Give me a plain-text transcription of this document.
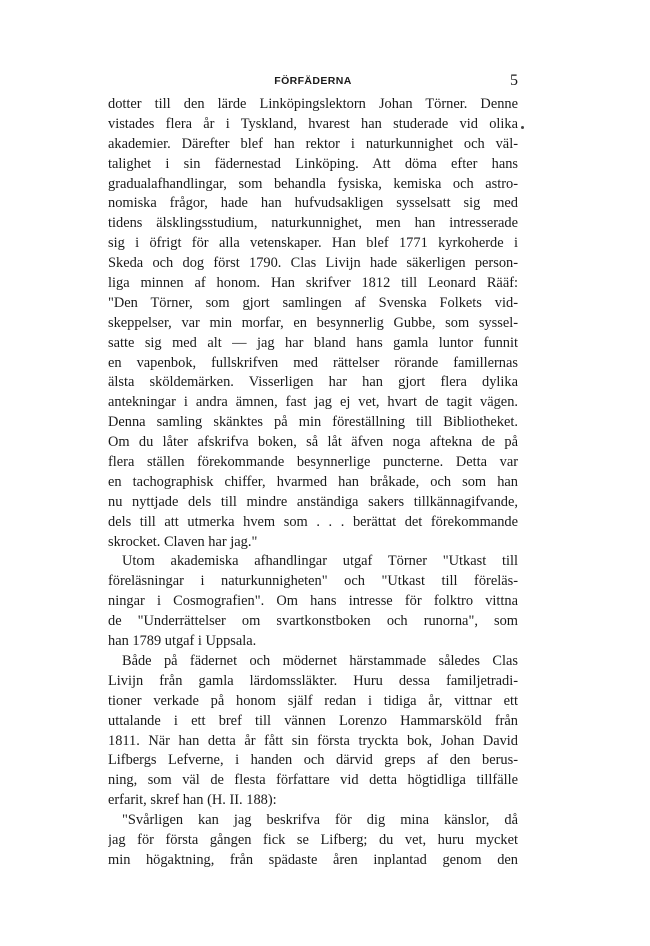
FÖRFÄDERNA	5
dotter till den lärde Linköpingslektorn Johan Törner. Denne
vistades flera år i Tyskland, hvarest han studerade vid olika
akademier. Därefter blef han rektor i naturkunnighet och väl-
talighet i sin fädernestad Linköping. Att döma efter hans
gradualafhandlingar, som behandla fysiska, kemiska och astro-
nomiska frågor, hade han hufvudsakligen sysselsatt sig med
tidens älsklingsstudium, naturkunnighet, men han intresserade
sig i öfrigt för alla vetenskaper. Han blef 1771 kyrkoherde i
Skeda och dog först 1790. Clas Livijn hade säkerligen person-
liga minnen af honom. Han skrifver 1812 till Leonard Rääf:
"Den Törner, som gjort samlingen af Svenska Folkets vid-
skeppelser, var min morfar, en besynnerlig Gubbe, som syssel-
satte sig med alt — jag har bland hans gamla luntor funnit
en vapenbok, fullskrifven med rättelser rörande famillernas
älsta sköldemärken. Visserligen har han gjort flera dylika
antekningar i andra ämnen, fast jag ej vet, hvart de tagit vägen.
Denna samling skänktes på min föreställning till Bibliotheket.
Om du låter afskrifva boken, så låt äfven noga aftekna de på
flera ställen förekommande besynnerlige puncterne. Detta var
en tachographisk chiffer, hvarmed han bråkade, och som han
nu nyttjade dels till mindre anständiga sakers tillkännagifvande,
dels till att utmerka hvem som . . . berättat det förekommande
skrocket. Claven har jag."
Utom akademiska afhandlingar utgaf Törner "Utkast till
föreläsningar i naturkunnigheten" och "Utkast till föreläs-
ningar i Cosmografien". Om hans intresse för folktro vittna
de "Underrättelser om svartkonstboken och runorna", som
han 1789 utgaf i Uppsala.
Både på fädernet och mödernet härstammade således Clas
Livijn från gamla lärdomssläkter. Huru dessa familjetradi-
tioner verkade på honom själf redan i tidiga år, vittnar ett
uttalande i ett bref till vännen Lorenzo Hammarsköld från
1811. När han detta år fått sin första tryckta bok, Johan David
Lifbergs Lefverne, i handen och därvid greps af den berus-
ning, som väl de flesta författare vid detta högtidliga tillfälle
erfarit, skref han (H. II. 188):
"Svårligen kan jag beskrifva för dig mina känslor, då
jag för första gången fick se Lifberg; du vet, huru mycket
min högaktning, från spädaste åren inplantad genom den
